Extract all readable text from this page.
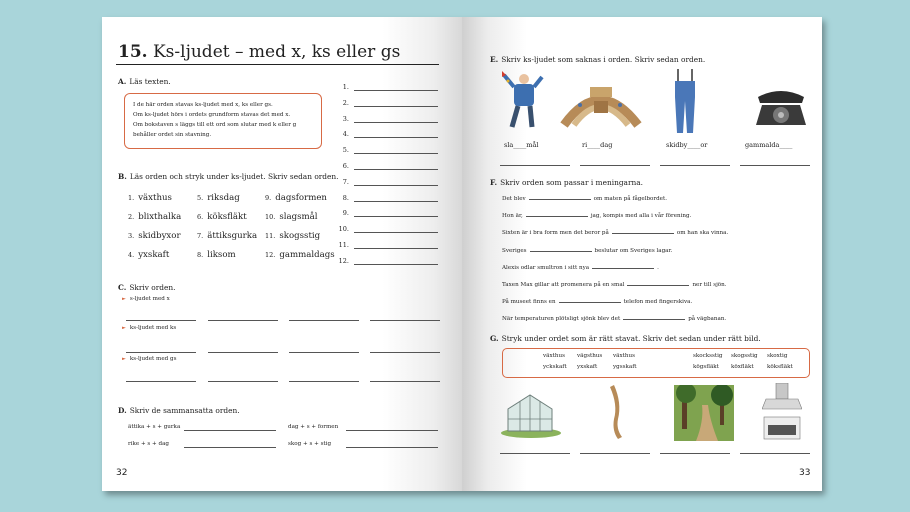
15. Ks-ljudet – med x, ks eller gs
A. Läs texten.
I de här orden stavas ks-ljudet med x, ks eller gs.
Om ks-ljudet hörs i ordets grundform stavas det med x.
Om bokstaven s läggs till ett ord som slutar med k eller g
behåller ordet sin stavning.
B. Läs orden och stryk under ks-ljudet. Skriv sedan orden.
C. Skriv orden.
► s-ljudet med x
► ks-ljudet med ks
► ks-ljudet med gs
D. Skriv de sammansatta orden.
ättika + s + gurka	dag + s + formen
rike + s + dag	skog + s + stig
32
1.
2.
3.
4.
5.
6.
7.
8.
9.
10.
11.
12.
1. växthus	5. riksdag	9. dagsformen
2. blixthalka 6. köksfläkt	10. slagsmål
3. skidbyxor	7. ättiksgurka 11. skogsstig
4. yxskaft	8. liksom	12. gammaldags
E. Skriv ks-ljudet som saknas i orden. Skriv sedan orden.
sla____mål	ri____dag	skidby____or	gammalda____
F. Skriv orden som passar i meningarna.
G. Stryk under ordet som är rätt stavat. Skriv det sedan under rätt bild.
växthus vägsthus växthus
yckskaft yxskaft	ygsskaft
skocksstig skogsstig skoxtig
kögsfläkt köxfläkt köksfläkt
33
Det blev	om maten på fågelbordet.
Hon är,	jag, kompis med alla i vår förening.
Sixten är i bra form men det beror på	om han ska vinna.
Sveriges	beslutar om Sveriges lagar.
Alexis odlar smultron i sitt nya	.
Taxen Max gillar att promenera på en smal	ner till sjön.
På museet finns en	telefon med fingerskiva.
När temperaturen plötsligt sjönk blev det	på vägbanan.
